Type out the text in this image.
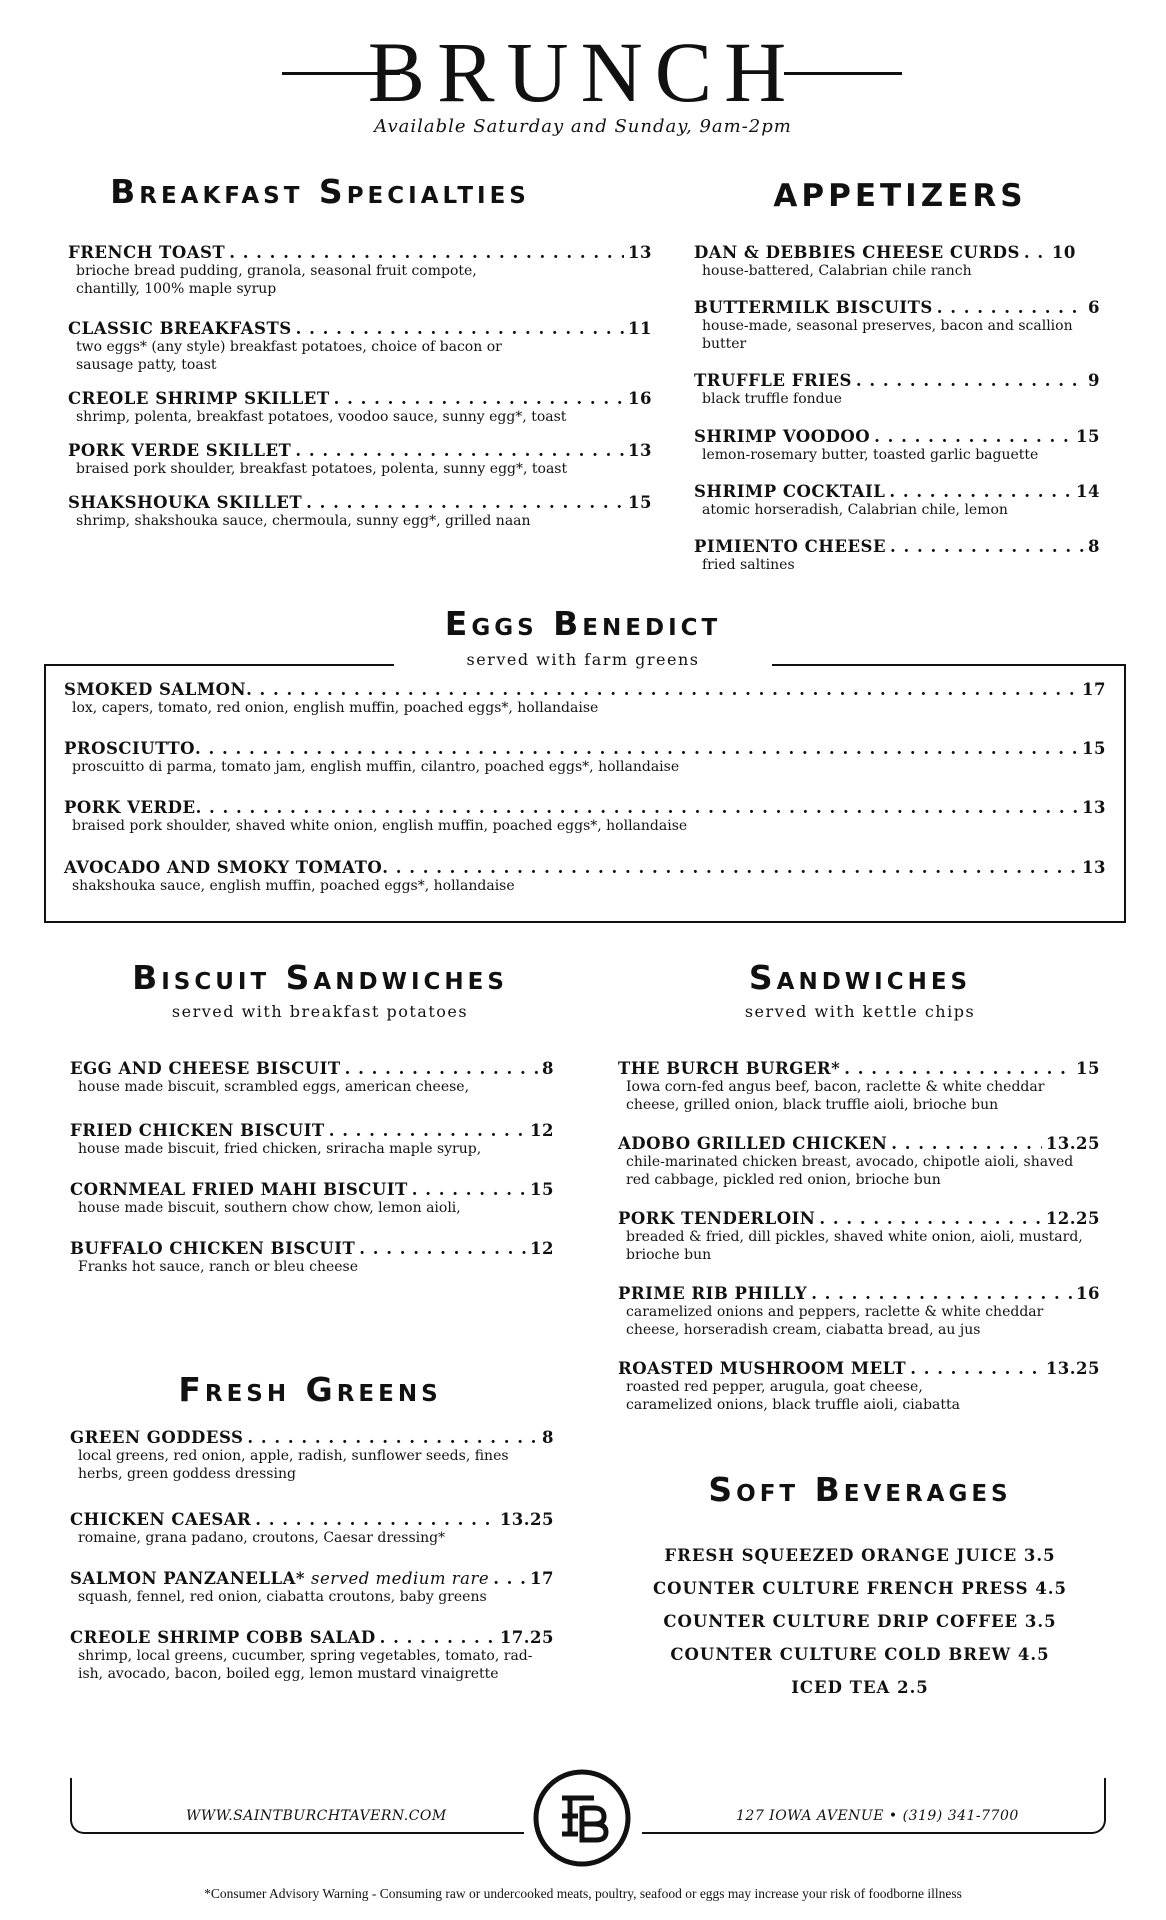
BRUNCH
Available Saturday and Sunday, 9am-2pm
Breakfast Specialties
FRENCH TOAST . . .	13
brioche bread pudding, granola, seasonal fruit compote,
chantilly, 100% maple syrup
CLASSIC BREAKFASTS . . .	11
two eggs* (any style) breakfast potatoes, choice of bacon or
sausage patty, toast
CREOLE SHRIMP SKILLET . . .	16
shrimp, polenta, breakfast potatoes, voodoo sauce, sunny egg*, toast
PORK VERDE SKILLET . . .	13
braised pork shoulder, breakfast potatoes, polenta, sunny egg*, toast
SHAKSHOUKA SKILLET . . .	15
shrimp, shakshouka sauce, chermoula, sunny egg*, grilled naan
APPETIZERS
DAN & DEBBIES CHEESE CURDS . . . 10
house-battered, Calabrian chile ranch
BUTTERMILK BISCUITS . . .	6
house-made, seasonal preserves, bacon and scallion
butter
TRUFFLE FRIES . . .	9
black truffle fondue
SHRIMP VOODOO . . .	15
lemon-rosemary butter, toasted garlic baguette
SHRIMP COCKTAIL . . .	14
atomic horseradish, Calabrian chile, lemon
PIMIENTO CHEESE . . .	8
fried saltines
Eggs Benedict
served with farm greens
SMOKED SALMON . . .	17
lox, capers, tomato, red onion, english muffin, poached eggs*, hollandaise
PROSCIUTTO . . .	15
proscuitto di parma, tomato jam, english muffin, cilantro, poached eggs*, hollandaise
PORK VERDE . . .	13
braised pork shoulder, shaved white onion, english muffin, poached eggs*, hollandaise
AVOCADO AND SMOKY TOMATO . . .	13
shakshouka sauce, english muffin, poached eggs*, hollandaise
Biscuit Sandwiches
served with breakfast potatoes
EGG AND CHEESE BISCUIT . . .	8
house made biscuit, scrambled eggs, american cheese,
FRIED CHICKEN BISCUIT . . .	12
house made biscuit, fried chicken, sriracha maple syrup,
CORNMEAL FRIED MAHI BISCUIT . . .	15
house made biscuit, southern chow chow, lemon aioli,
BUFFALO CHICKEN BISCUIT . . .	12
Franks hot sauce, ranch or bleu cheese
Sandwiches
served with kettle chips
THE BURCH BURGER* . . .	15
Iowa corn-fed angus beef, bacon, raclette & white cheddar
cheese, grilled onion, black truffle aioli, brioche bun
ADOBO GRILLED CHICKEN . . .	13.25
chile-marinated chicken breast, avocado, chipotle aioli, shaved
red cabbage, pickled red onion, brioche bun
PORK TENDERLOIN . . .	12.25
breaded & fried, dill pickles, shaved white onion, aioli, mustard,
brioche bun
PRIME RIB PHILLY . . .	16
caramelized onions and peppers, raclette & white cheddar
cheese, horseradish cream, ciabatta bread, au jus
ROASTED MUSHROOM MELT . . .	13.25
roasted red pepper, arugula, goat cheese,
caramelized onions, black truffle aioli, ciabatta
Fresh Greens
GREEN GODDESS . . .	8
local greens, red onion, apple, radish, sunflower seeds, fines
herbs, green goddess dressing
CHICKEN CAESAR . . .	13.25
romaine, grana padano, croutons, Caesar dressing*
SALMON PANZANELLA* served medium rare . . . 17
squash, fennel, red onion, ciabatta croutons, baby greens
CREOLE SHRIMP COBB SALAD . . .	17.25
shrimp, local greens, cucumber, spring vegetables, tomato, rad-
ish, avocado, bacon, boiled egg, lemon mustard vinaigrette
Soft Beverages
FRESH SQUEEZED ORANGE JUICE 3.5
COUNTER CULTURE FRENCH PRESS 4.5
COUNTER CULTURE DRIP COFFEE 3.5
COUNTER CULTURE COLD BREW 4.5
ICED TEA 2.5
WWW.SAINTBURCHTAVERN.COM	127 IOWA AVENUE • (319) 341-7700
*Consumer Advisory Warning - Consuming raw or undercooked meats, poultry, seafood or eggs may increase your risk of foodborne illness
